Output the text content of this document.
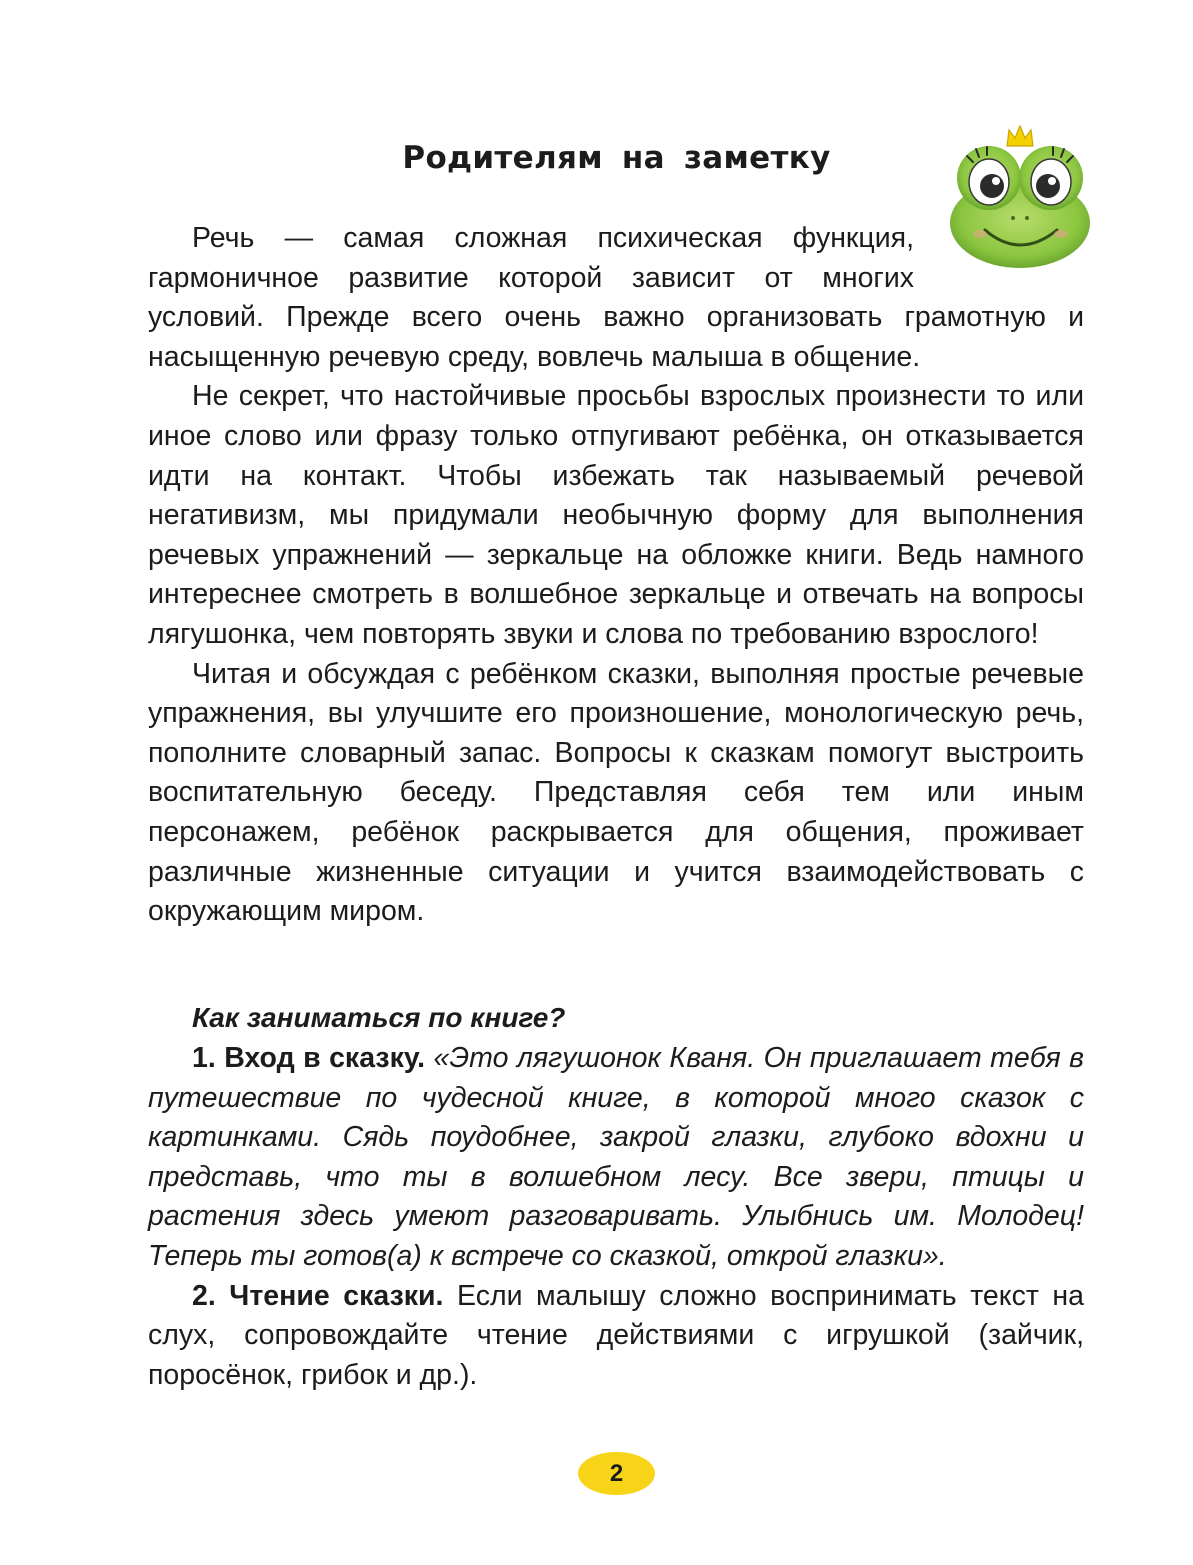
Родителям на заметку

Речь — самая сложная психическая функция, гармоничное развитие которой зависит от многих условий. Прежде всего очень важно организовать грамотную и насыщенную речевую среду, вовлечь малыша в общение.

Не секрет, что настойчивые просьбы взрослых произнести то или иное слово или фразу только отпугивают ребёнка, он отказывается идти на контакт. Чтобы избежать так называемый речевой негативизм, мы придумали необычную форму для выполнения речевых упражнений — зеркальце на обложке книги. Ведь намного интереснее смотреть в волшебное зеркальце и отвечать на вопросы лягушонка, чем повторять звуки и слова по требованию взрослого!

Читая и обсуждая с ребёнком сказки, выполняя простые речевые упражнения, вы улучшите его произношение, монологическую речь, пополните словарный запас. Вопросы к сказкам помогут выстроить воспитательную беседу. Представляя себя тем или иным персонажем, ребёнок раскрывается для общения, проживает различные жизненные ситуации и учится взаимодействовать с окружающим миром.

Как заниматься по книге?

1. Вход в сказку. «Это лягушонок Кваня. Он приглашает тебя в путешествие по чудесной книге, в которой много сказок с картинками. Сядь поудобнее, закрой глазки, глубоко вдохни и представь, что ты в волшебном лесу. Все звери, птицы и растения здесь умеют разговаривать. Улыбнись им. Молодец! Теперь ты готов(а) к встрече со сказкой, открой глазки».

2. Чтение сказки. Если малышу сложно воспринимать текст на слух, сопровождайте чтение действиями с игрушкой (зайчик, поросёнок, грибок и др.).

2
